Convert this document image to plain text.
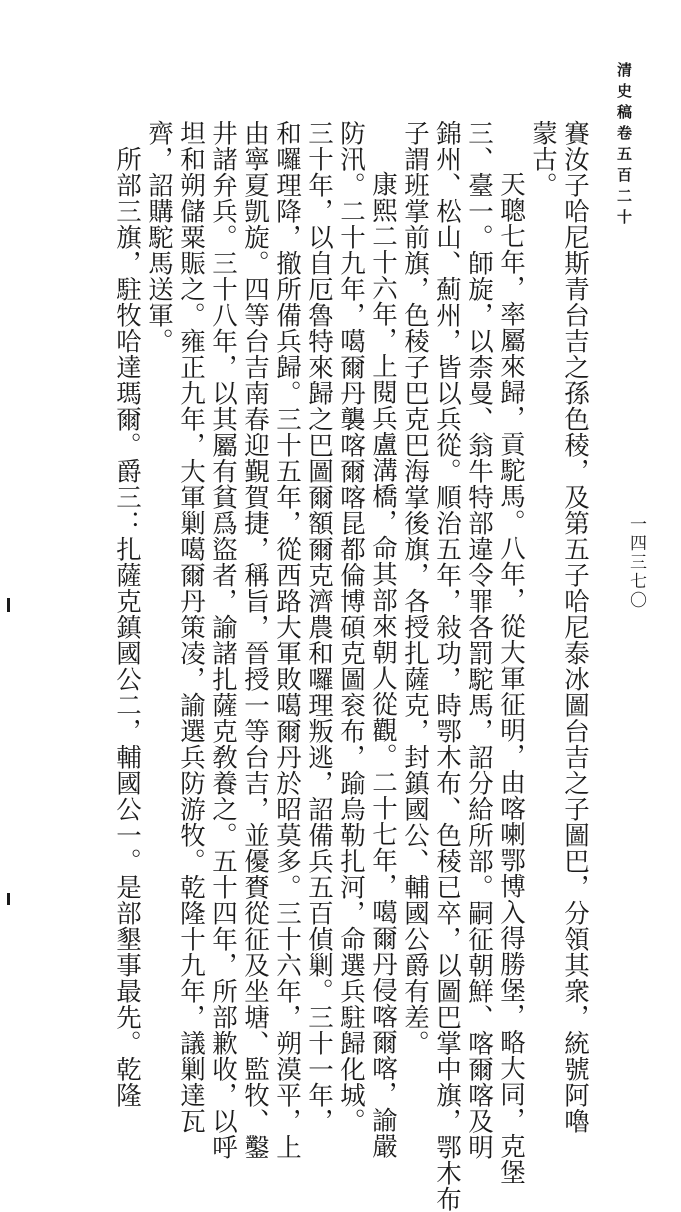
清史稿卷五百二十
一四三七〇

賽汝子哈尼斯青台吉之孫色稜，及第五子哈尼泰冰圖台吉之子圖巴，分領其衆，統號阿嚕

蒙古。

天聰七年，率屬來歸，貢駝馬。八年，從大軍征明，由喀喇鄂博入得勝堡，略大同，克堡

三、臺一。師旋，以柰曼、翁牛特部違令罪各罰駝馬，詔分給所部。嗣征朝鮮、喀爾喀及明

錦州、松山、薊州，皆以兵從。順治五年，敍功，時鄂木布、色稜已卒，以圖巴掌中旗，鄂木布

子謂班掌前旗，色稜子巴克巴海掌後旗，各授扎薩克，封鎮國公、輔國公爵有差。

康熙二十六年，上閱兵盧溝橋，命其部來朝人從觀。二十七年，噶爾丹侵喀爾喀，諭嚴

防汛。二十九年，噶爾丹襲喀爾喀昆都倫博碩克圖衮布，踰烏勒扎河，命選兵駐歸化城。

三十年，以自厄魯特來歸之巴圖爾額爾克濟農和囉理叛逃，詔備兵五百偵剿。三十一年，

和囉理降，撤所備兵歸。三十五年，從西路大軍敗噶爾丹於昭莫多。三十六年，朔漠平，上

由寧夏凱旋。四等台吉南春迎覲賀捷，稱旨，晉授一等台吉，並優賚從征及坐塘、監牧、鑿

井諸弁兵。三十八年，以其屬有貧爲盜者，諭諸扎薩克敎養之。五十四年，所部歉收，以呼

坦和朔儲粟賑之。雍正九年，大軍剿噶爾丹策凌，諭選兵防游牧。乾隆十九年，議剿達瓦

齊，詔購駝馬送軍。

所部三旗，駐牧哈達瑪爾。爵三：扎薩克鎮國公二，輔國公一。是部墾事最先。乾隆
